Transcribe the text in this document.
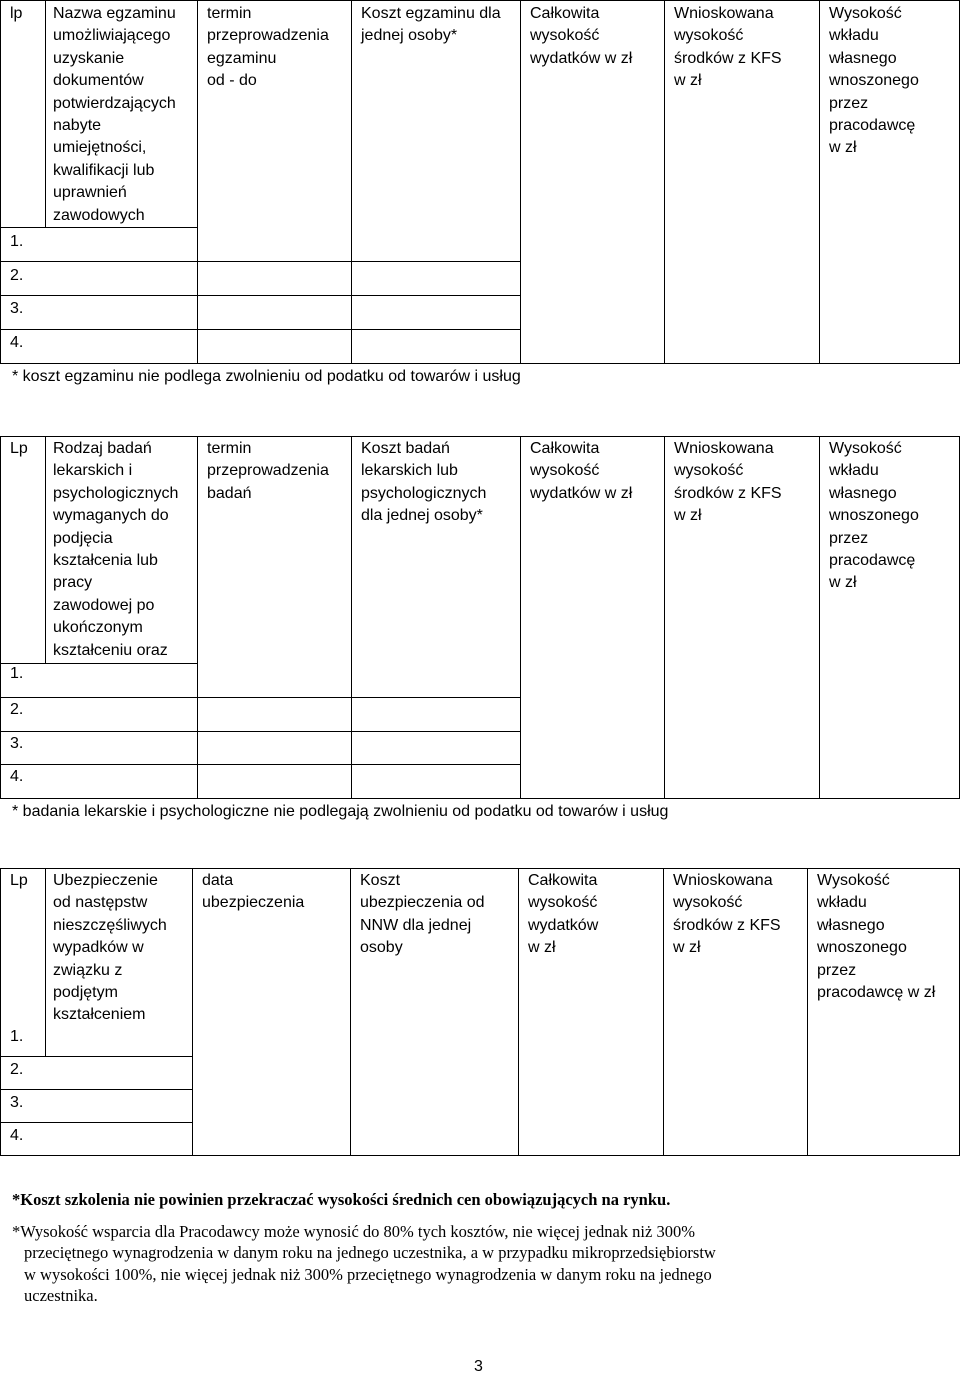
lp Nazwa egzaminu
umożliwiającego
uzyskanie
dokumentów
potwierdzających
nabyte
umiejętności,
kwalifikacji lub
uprawnień
zawodowych
termin
przeprowadzenia
egzaminu
od - do
Koszt egzaminu dla
jednej osoby*
Całkowita
wysokość
wydatków w zł
Wnioskowana
wysokość
środków z KFS
w zł
Wysokość
wkładu
własnego
wnoszonego
przez
pracodawcę
w zł
1.
2.
3.
4.
* koszt egzaminu nie podlega zwolnieniu od podatku od towarów i usług
Lp Rodzaj badań
lekarskich i
psychologicznych
wymaganych do
podjęcia
kształcenia lub
pracy
zawodowej po
ukończonym
kształceniu oraz
termin
przeprowadzenia
badań
Koszt badań
lekarskich lub
psychologicznych
dla jednej osoby*
Całkowita
wysokość
wydatków w zł
Wnioskowana
wysokość
środków z KFS
w zł
Wysokość
wkładu
własnego
wnoszonego
przez
pracodawcę
w zł
1.
2.
3.
4.
* badania lekarskie i psychologiczne nie podlegają zwolnieniu od podatku od towarów i usług
Lp Ubezpieczenie
od następstw
nieszczęśliwych
wypadków w
związku z
podjętym
kształceniem
data
ubezpieczenia
Koszt
ubezpieczenia od
NNW dla jednej
osoby
Całkowita
wysokość
wydatków
w zł
Wnioskowana
wysokość
środków z KFS
w zł
Wysokość
wkładu
własnego
wnoszonego
przez
pracodawcę w zł
1.
2.
3.
4.
*Koszt szkolenia nie powinien przekraczać wysokości średnich cen obowiązujących na rynku.
*Wysokość wsparcia dla Pracodawcy może wynosić do 80% tych kosztów, nie więcej jednak niż 300%
przeciętnego wynagrodzenia w danym roku na jednego uczestnika, a w przypadku mikroprzedsiębiorstw
w wysokości 100%, nie więcej jednak niż 300% przeciętnego wynagrodzenia w danym roku na jednego
uczestnika.
3
